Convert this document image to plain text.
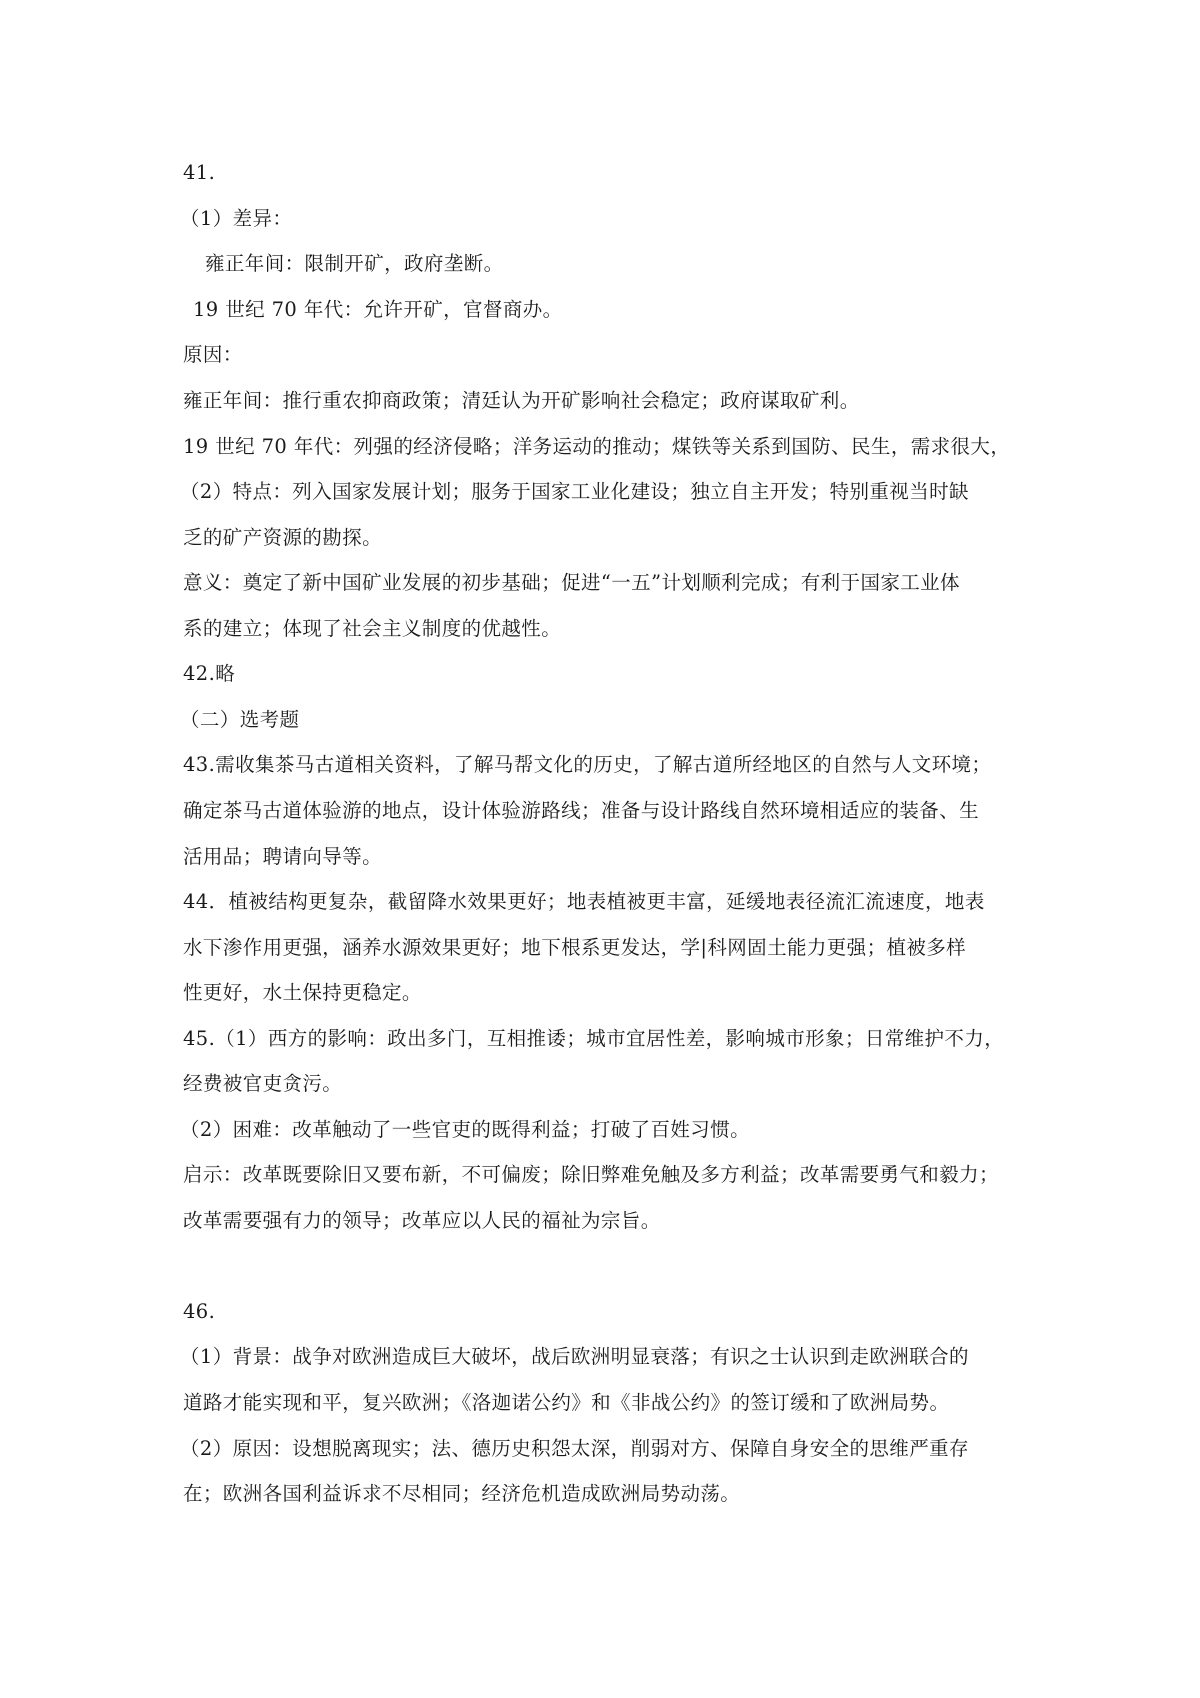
41.
（1）差异：
雍正年间：限制开矿，政府垄断。
19 世纪 70 年代：允许开矿，官督商办。
原因：
雍正年间：推行重农抑商政策；清廷认为开矿影响社会稳定；政府谋取矿利。
19 世纪 70 年代：列强的经济侵略；洋务运动的推动；煤铁等关系到国防、民生，需求很大，
（2）特点：列入国家发展计划；服务于国家工业化建设；独立自主开发；特别重视当时缺
乏的矿产资源的勘探。
意义：奠定了新中国矿业发展的初步基础；促进“一五”计划顺利完成；有利于国家工业体
系的建立；体现了社会主义制度的优越性。
42.略
（二）选考题
43.需收集茶马古道相关资料，了解马帮文化的历史，了解古道所经地区的自然与人文环境；
确定茶马古道体验游的地点，设计体验游路线；准备与设计路线自然环境相适应的装备、生
活用品；聘请向导等。
44．植被结构更复杂，截留降水效果更好；地表植被更丰富，延缓地表径流汇流速度，地表
水下渗作用更强，涵养水源效果更好；地下根系更发达，学|科网固土能力更强；植被多样
性更好，水土保持更稳定。
45.（1）西方的影响：政出多门，互相推诿；城市宜居性差，影响城市形象；日常维护不力，
经费被官吏贪污。
（2）困难：改革触动了一些官吏的既得利益；打破了百姓习惯。
启示：改革既要除旧又要布新，不可偏废；除旧弊难免触及多方利益；改革需要勇气和毅力；
改革需要强有力的领导；改革应以人民的福祉为宗旨。
46.
（1）背景：战争对欧洲造成巨大破坏，战后欧洲明显衰落；有识之士认识到走欧洲联合的
道路才能实现和平，复兴欧洲；《洛迦诺公约》和《非战公约》的签订缓和了欧洲局势。
（2）原因：设想脱离现实；法、德历史积怨太深，削弱对方、保障自身安全的思维严重存
在；欧洲各国利益诉求不尽相同；经济危机造成欧洲局势动荡。
